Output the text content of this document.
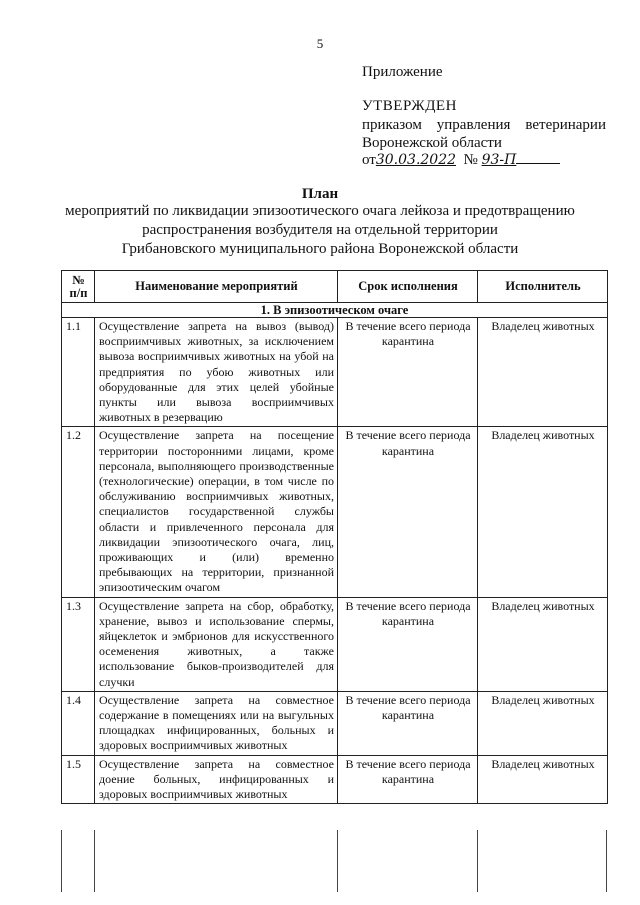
5
Приложение
УТВЕРЖДЕН
приказом управления ветеринарии
Воронежской области
от30.03.2022 № 93-П
План
мероприятий по ликвидации эпизоотического очага лейкоза и предотвращению
распространения возбудителя на отдельной территории
Грибановского муниципального района Воронежской области
№ п/п	Наименование мероприятий	Срок исполнения	Исполнитель
1. В эпизоотическом очаге			
1.1	Осуществление запрета на вывоз (вывод) восприимчивых животных, за исключением вывоза восприимчивых животных на убой на предприятия по убою животных или оборудованные для этих целей убойные пункты или вывоза восприимчивых животных в резервацию	В течение всего периода карантина	Владелец животных
1.2	Осуществление запрета на посещение территории посторонними лицами, кроме персонала, выполняющего производственные (технологические) операции, в том числе по обслуживанию восприимчивых животных, специалистов государственной службы области и привлеченного персонала для ликвидации эпизоотического очага, лиц, проживающих и (или) временно пребывающих на территории, признанной эпизоотическим очагом	В течение всего периода карантина	Владелец животных
1.3	Осуществление запрета на сбор, обработку, хранение, вывоз и использование спермы, яйцеклеток и эмбрионов для искусственного осеменения животных, а также использование быков-производителей для случки	В течение всего периода карантина	Владелец животных
1.4	Осуществление запрета на совместное содержание в помещениях или на выгульных площадках инфицированных, больных и здоровых восприимчивых животных	В течение всего периода карантина	Владелец животных
1.5	Осуществление запрета на совместное доение больных, инфицированных и здоровых восприимчивых животных	В течение всего периода карантина	Владелец животных
